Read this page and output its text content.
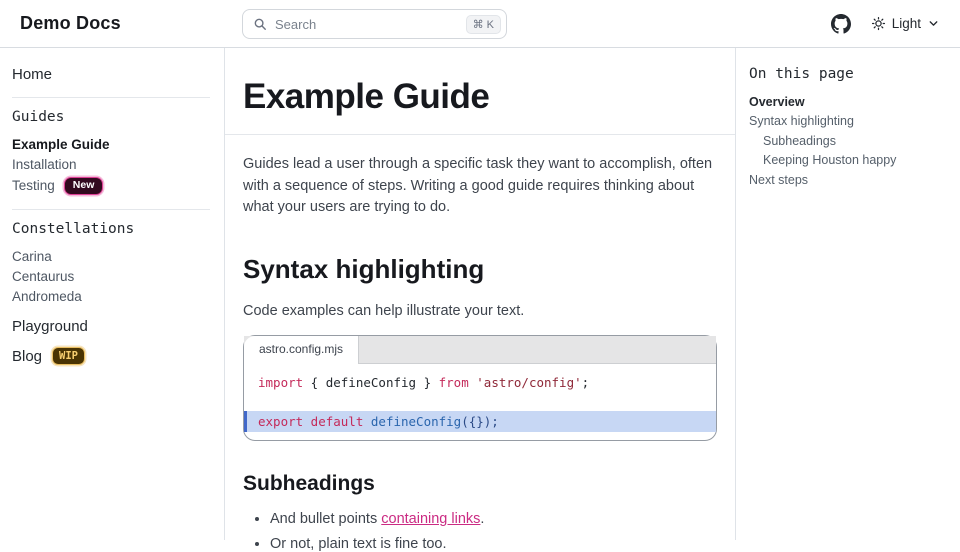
Demo Docs	Search	⌘ K	Light
Home
Guides
Example Guide
Installation
Testing	New
Constellations
Carina
Centaurus
Andromeda
Playground
Blog	WIP
Example Guide

Guides lead a user through a specific task they want to accomplish, often with a sequence of steps. Writing a good guide requires thinking about what your users are trying to do.

Syntax highlighting

Code examples can help illustrate your text.

astro.config.mjs
import { defineConfig } from 'astro/config';
export default defineConfig({});
Subheadings
• And bullet points containing links.
• Or not, plain text is fine too.
On this page
Overview
Syntax highlighting
Subheadings
Keeping Houston happy
Next steps
